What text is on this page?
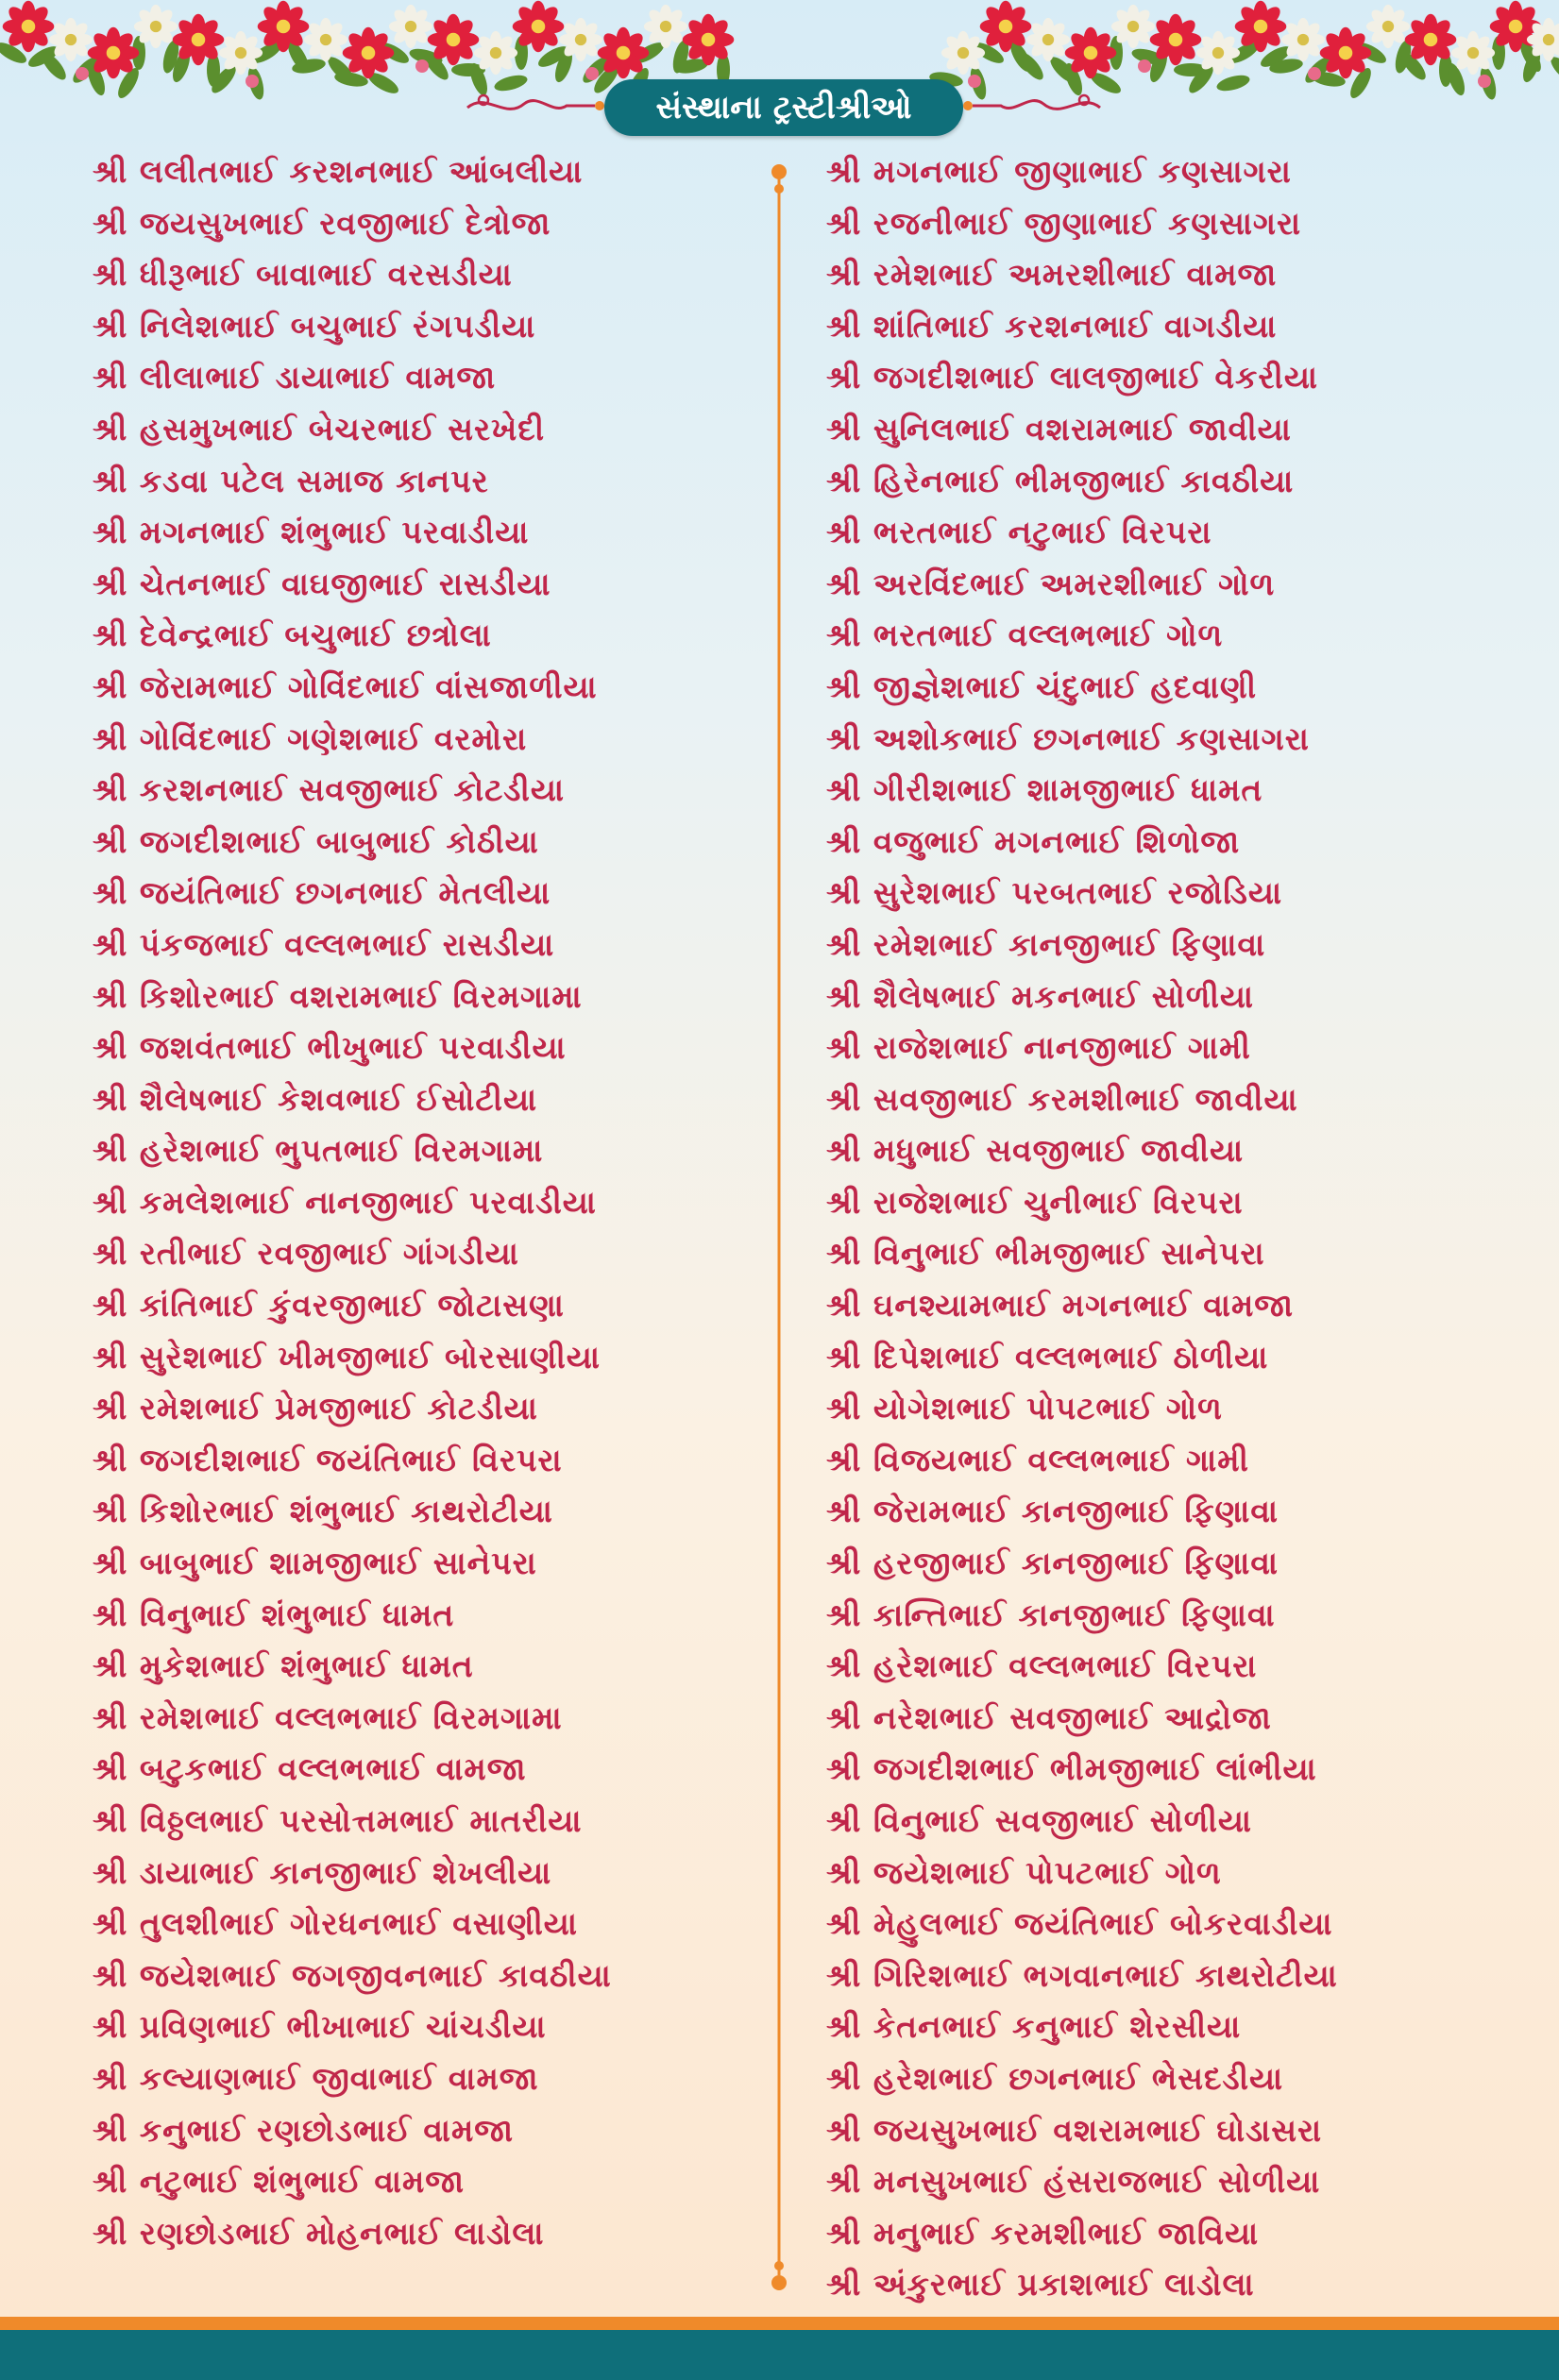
સંસ્થાના ટ્રસ્ટીશ્રીઓ
શ્રી લલીતભાઈ કરશનભાઈ આંબલીયા
શ્રી જયસુખભાઈ રવજીભાઈ દેત્રોજા
શ્રી ધીરૂભાઈ બાવાભાઈ વરસડીયા
શ્રી નિલેશભાઈ બચુભાઈ રંગપડીયા
શ્રી લીલાભાઈ ડાયાભાઈ વામજા
શ્રી હસમુખભાઈ બેચરભાઈ સરખેદી
શ્રી કડવા પટેલ સમાજ કાનપર
શ્રી મગનભાઈ શંભુભાઈ પરવાડીયા
શ્રી ચેતનભાઈ વાઘજીભાઈ રાસડીયા
શ્રી દેવેન્દ્રભાઈ બચુભાઈ છત્રોલા
શ્રી જેરામભાઈ ગોવિંદભાઈ વાંસજાળીયા
શ્રી ગોવિંદભાઈ ગણેશભાઈ વરમોરા
શ્રી કરશનભાઈ સવજીભાઈ કોટડીયા
શ્રી જગદીશભાઈ બાબુભાઈ કોઠીયા
શ્રી જયંતિભાઈ છગનભાઈ મેતલીયા
શ્રી પંકજભાઈ વલ્લભભાઈ રાસડીયા
શ્રી કિશોરભાઈ વશરામભાઈ વિરમગામા
શ્રી જશવંતભાઈ ભીખુભાઈ પરવાડીયા
શ્રી શૈલેષભાઈ કેશવભાઈ ઈસોટીયા
શ્રી હરેશભાઈ ભુપતભાઈ વિરમગામા
શ્રી કમલેશભાઈ નાનજીભાઈ પરવાડીયા
શ્રી રતીભાઈ રવજીભાઈ ગાંગડીયા
શ્રી કાંતિભાઈ કુંવરજીભાઈ જોટાસણા
શ્રી સુરેશભાઈ ખીમજીભાઈ બોરસાણીયા
શ્રી રમેશભાઈ પ્રેમજીભાઈ કોટડીયા
શ્રી જગદીશભાઈ જયંતિભાઈ વિરપરા
શ્રી કિશોરભાઈ શંભુભાઈ કાથરોટીયા
શ્રી બાબુભાઈ શામજીભાઈ સાનેપરા
શ્રી વિનુભાઈ શંભુભાઈ ધામત
શ્રી મુકેશભાઈ શંભુભાઈ ધામત
શ્રી રમેશભાઈ વલ્લભભાઈ વિરમગામા
શ્રી બટુકભાઈ વલ્લભભાઈ વામજા
શ્રી વિઠ્ઠલભાઈ પરસોત્તમભાઈ માતરીયા
શ્રી ડાયાભાઈ કાનજીભાઈ શેખલીયા
શ્રી તુલશીભાઈ ગોરધનભાઈ વસાણીયા
શ્રી જયેશભાઈ જગજીવનભાઈ કાવઠીયા
શ્રી પ્રવિણભાઈ ભીખાભાઈ ચાંચડીયા
શ્રી કલ્યાણભાઈ જીવાભાઈ વામજા
શ્રી કનુભાઈ રણછોડભાઈ વામજા
શ્રી નટુભાઈ શંભુભાઈ વામજા
શ્રી રણછોડભાઈ મોહનભાઈ લાડોલા
શ્રી મગનભાઈ જીણાભાઈ કણસાગરા
શ્રી રજનીભાઈ જીણાભાઈ કણસાગરા
શ્રી રમેશભાઈ અમરશીભાઈ વામજા
શ્રી શાંતિભાઈ કરશનભાઈ વાગડીયા
શ્રી જગદીશભાઈ લાલજીભાઈ વેકરીયા
શ્રી સુનિલભાઈ વશરામભાઈ જાવીયા
શ્રી હિરેનભાઈ ભીમજીભાઈ કાવઠીયા
શ્રી ભરતભાઈ નટુભાઈ વિરપરા
શ્રી અરવિંદભાઈ અમરશીભાઈ ગોળ
શ્રી ભરતભાઈ વલ્લભભાઈ ગોળ
શ્રી જીજ્ઞેશભાઈ ચંદુભાઈ હદવાણી
શ્રી અશોકભાઈ છગનભાઈ કણસાગરા
શ્રી ગીરીશભાઈ શામજીભાઈ ધામત
શ્રી વજુભાઈ મગનભાઈ શિળોજા
શ્રી સુરેશભાઈ પરબતભાઈ રજોડિયા
શ્રી રમેશભાઈ કાનજીભાઈ ફિણાવા
શ્રી શૈલેષભાઈ મકનભાઈ સોળીયા
શ્રી રાજેશભાઈ નાનજીભાઈ ગામી
શ્રી સવજીભાઈ કરમશીભાઈ જાવીયા
શ્રી મધુભાઈ સવજીભાઈ જાવીયા
શ્રી રાજેશભાઈ ચુનીભાઈ વિરપરા
શ્રી વિનુભાઈ ભીમજીભાઈ સાનેપરા
શ્રી ઘનશ્યામભાઈ મગનભાઈ વામજા
શ્રી દિપેશભાઈ વલ્લભભાઈ ઠોળીયા
શ્રી યોગેશભાઈ પોપટભાઈ ગોળ
શ્રી વિજયભાઈ વલ્લભભાઈ ગામી
શ્રી જેરામભાઈ કાનજીભાઈ ફિણાવા
શ્રી હરજીભાઈ કાનજીભાઈ ફિણાવા
શ્રી કાન્તિભાઈ કાનજીભાઈ ફિણાવા
શ્રી હરેશભાઈ વલ્લભભાઈ વિરપરા
શ્રી નરેશભાઈ સવજીભાઈ આદ્રોજા
શ્રી જગદીશભાઈ ભીમજીભાઈ લાંભીયા
શ્રી વિનુભાઈ સવજીભાઈ સોળીયા
શ્રી જયેશભાઈ પોપટભાઈ ગોળ
શ્રી મેહુલભાઈ જયંતિભાઈ બોકરવાડીયા
શ્રી ગિરિશભાઈ ભગવાનભાઈ કાથરોટીયા
શ્રી કેતનભાઈ કનુભાઈ શેરસીયા
શ્રી હરેશભાઈ છગનભાઈ ભેસદડીયા
શ્રી જયસુખભાઈ વશરામભાઈ ઘોડાસરા
શ્રી મનસુખભાઈ હંસરાજભાઈ સોળીયા
શ્રી મનુભાઈ કરમશીભાઈ જાવિયા
શ્રી અંકુરભાઈ પ્રકાશભાઈ લાડોલા
